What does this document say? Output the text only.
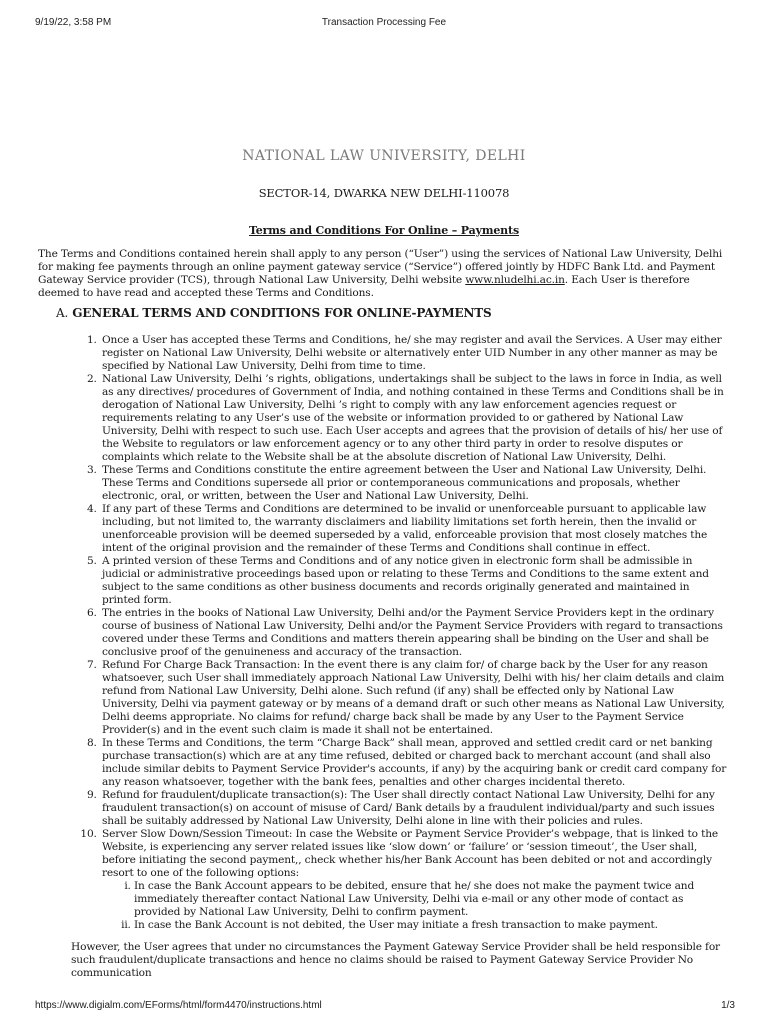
9/19/22, 3:58 PM	Transaction Processing Fee
NATIONAL LAW UNIVERSITY, DELHI
SECTOR-14, DWARKA NEW DELHI-110078
Terms and Conditions For Online – Payments
The Terms and Conditions contained herein shall apply to any person (“User”) using the services of National Law University, Delhi for making fee payments through an online payment gateway service (“Service”) offered jointly by HDFC Bank Ltd. and Payment Gateway Service provider (TCS), through National Law University, Delhi website www.nludelhi.ac.in. Each User is therefore deemed to have read and accepted these Terms and Conditions.
A. GENERAL TERMS AND CONDITIONS FOR ONLINE-PAYMENTS
1. Once a User has accepted these Terms and Conditions, he/ she may register and avail the Services. A User may either register on National Law University, Delhi website or alternatively enter UID Number in any other manner as may be specified by National Law University, Delhi from time to time.
2. National Law University, Delhi ’s rights, obligations, undertakings shall be subject to the laws in force in India, as well as any directives/ procedures of Government of India, and nothing contained in these Terms and Conditions shall be in derogation of National Law University, Delhi ’s right to comply with any law enforcement agencies request or requirements relating to any User’s use of the website or information provided to or gathered by National Law University, Delhi with respect to such use. Each User accepts and agrees that the provision of details of his/ her use of the Website to regulators or law enforcement agency or to any other third party in order to resolve disputes or complaints which relate to the Website shall be at the absolute discretion of National Law University, Delhi.
3. These Terms and Conditions constitute the entire agreement between the User and National Law University, Delhi. These Terms and Conditions supersede all prior or contemporaneous communications and proposals, whether electronic, oral, or written, between the User and National Law University, Delhi.
4. If any part of these Terms and Conditions are determined to be invalid or unenforceable pursuant to applicable law including, but not limited to, the warranty disclaimers and liability limitations set forth herein, then the invalid or unenforceable provision will be deemed superseded by a valid, enforceable provision that most closely matches the intent of the original provision and the remainder of these Terms and Conditions shall continue in effect.
5. A printed version of these Terms and Conditions and of any notice given in electronic form shall be admissible in judicial or administrative proceedings based upon or relating to these Terms and Conditions to the same extent and subject to the same conditions as other business documents and records originally generated and maintained in printed form.
6. The entries in the books of National Law University, Delhi and/or the Payment Service Providers kept in the ordinary course of business of National Law University, Delhi and/or the Payment Service Providers with regard to transactions covered under these Terms and Conditions and matters therein appearing shall be binding on the User and shall be conclusive proof of the genuineness and accuracy of the transaction.
7. Refund For Charge Back Transaction: In the event there is any claim for/ of charge back by the User for any reason whatsoever, such User shall immediately approach National Law University, Delhi with his/ her claim details and claim refund from National Law University, Delhi alone. Such refund (if any) shall be effected only by National Law University, Delhi via payment gateway or by means of a demand draft or such other means as National Law University, Delhi deems appropriate. No claims for refund/ charge back shall be made by any User to the Payment Service Provider(s) and in the event such claim is made it shall not be entertained.
8. In these Terms and Conditions, the term “Charge Back” shall mean, approved and settled credit card or net banking purchase transaction(s) which are at any time refused, debited or charged back to merchant account (and shall also include similar debits to Payment Service Provider's accounts, if any) by the acquiring bank or credit card company for any reason whatsoever, together with the bank fees, penalties and other charges incidental thereto.
9. Refund for fraudulent/duplicate transaction(s): The User shall directly contact National Law University, Delhi for any fraudulent transaction(s) on account of misuse of Card/ Bank details by a fraudulent individual/party and such issues shall be suitably addressed by National Law University, Delhi alone in line with their policies and rules.
10. Server Slow Down/Session Timeout: In case the Website or Payment Service Provider’s webpage, that is linked to the Website, is experiencing any server related issues like ‘slow down’ or ‘failure’ or ‘session timeout’, the User shall, before initiating the second payment,, check whether his/her Bank Account has been debited or not and accordingly resort to one of the following options:
i. In case the Bank Account appears to be debited, ensure that he/ she does not make the payment twice and immediately thereafter contact National Law University, Delhi via e-mail or any other mode of contact as provided by National Law University, Delhi to confirm payment.
ii. In case the Bank Account is not debited, the User may initiate a fresh transaction to make payment.
However, the User agrees that under no circumstances the Payment Gateway Service Provider shall be held responsible for such fraudulent/duplicate transactions and hence no claims should be raised to Payment Gateway Service Provider No communication
https://www.digialm.com/EForms/html/form4470/instructions.html	1/3
